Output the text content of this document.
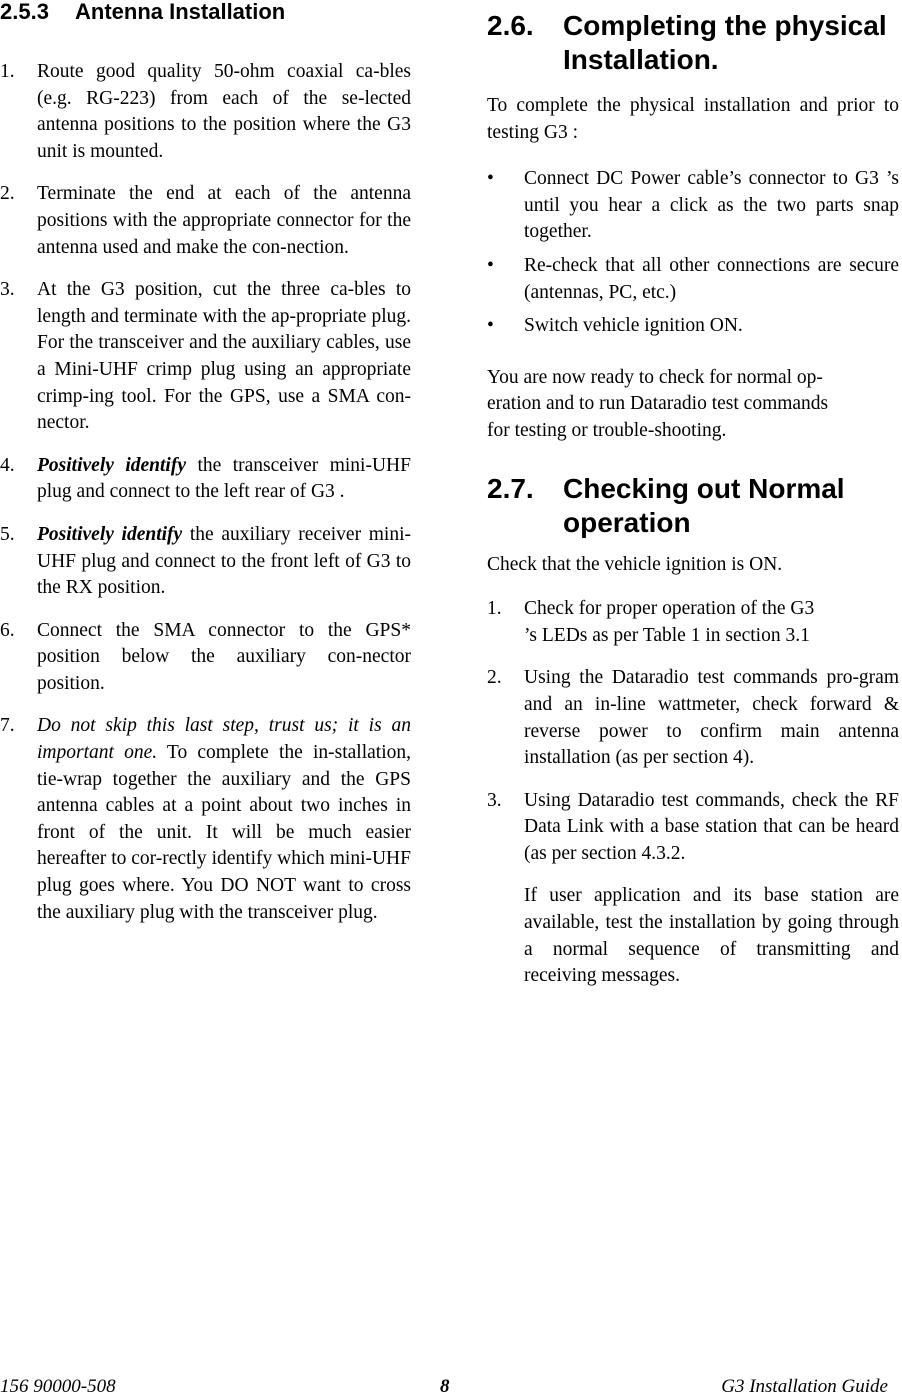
2.5.3 Antenna Installation
1.	Route good quality 50-ohm coaxial ca-bles (e.g. RG-223) from each of the se-lected antenna positions to the position where the G3 unit is mounted.
2.	Terminate the end at each of the antenna positions with the appropriate connector for the antenna used and make the con-nection.
3.	At the G3 position, cut the three ca-bles to length and terminate with the ap-propriate plug. For the transceiver and the auxiliary cables, use a Mini-UHF crimp plug using an appropriate crimp-ing tool. For the GPS, use a SMA con-nector.
4.	Positively identify the transceiver mini-UHF plug and connect to the left rear of G3 .
5.	Positively identify the auxiliary receiver mini-UHF plug and connect to the front left of G3 to the RX position.
6.	Connect the SMA connector to the GPS* position below the auxiliary con-nector position.
7.	Do not skip this last step, trust us; it is an important one. To complete the in-stallation, tie-wrap together the auxiliary and the GPS antenna cables at a point about two inches in front of the unit. It will be much easier hereafter to cor-rectly identify which mini-UHF plug goes where. You DO NOT want to cross the auxiliary plug with the transceiver plug.
2.6.	Completing the physical Installation.

To complete the physical installation and prior to testing G3 :

•	Connect DC Power cable’s connector to G3 ’s until you hear a click as the two parts snap together.
•	Re-check that all other connections are secure (antennas, PC, etc.)
•	Switch vehicle ignition ON.
You are now ready to check for normal op-
eration and to run Dataradio test commands
for testing or trouble-shooting.
2.7.	Checking out Normal operation

Check that the vehicle ignition is ON.

1.	Check for proper operation of the G3
’s LEDs as per Table 1 in section 3.1
2.	Using the Dataradio test commands pro-gram and an in-line wattmeter, check forward & reverse power to confirm main antenna installation (as per section 4).
3.	Using Dataradio test commands, check the RF Data Link with a base station that can be heard (as per section 4.3.2.

If user application and its base station are available, test the installation by going through a normal sequence of transmitting and receiving messages.

156 90000-508	8	G3 Installation Guide
